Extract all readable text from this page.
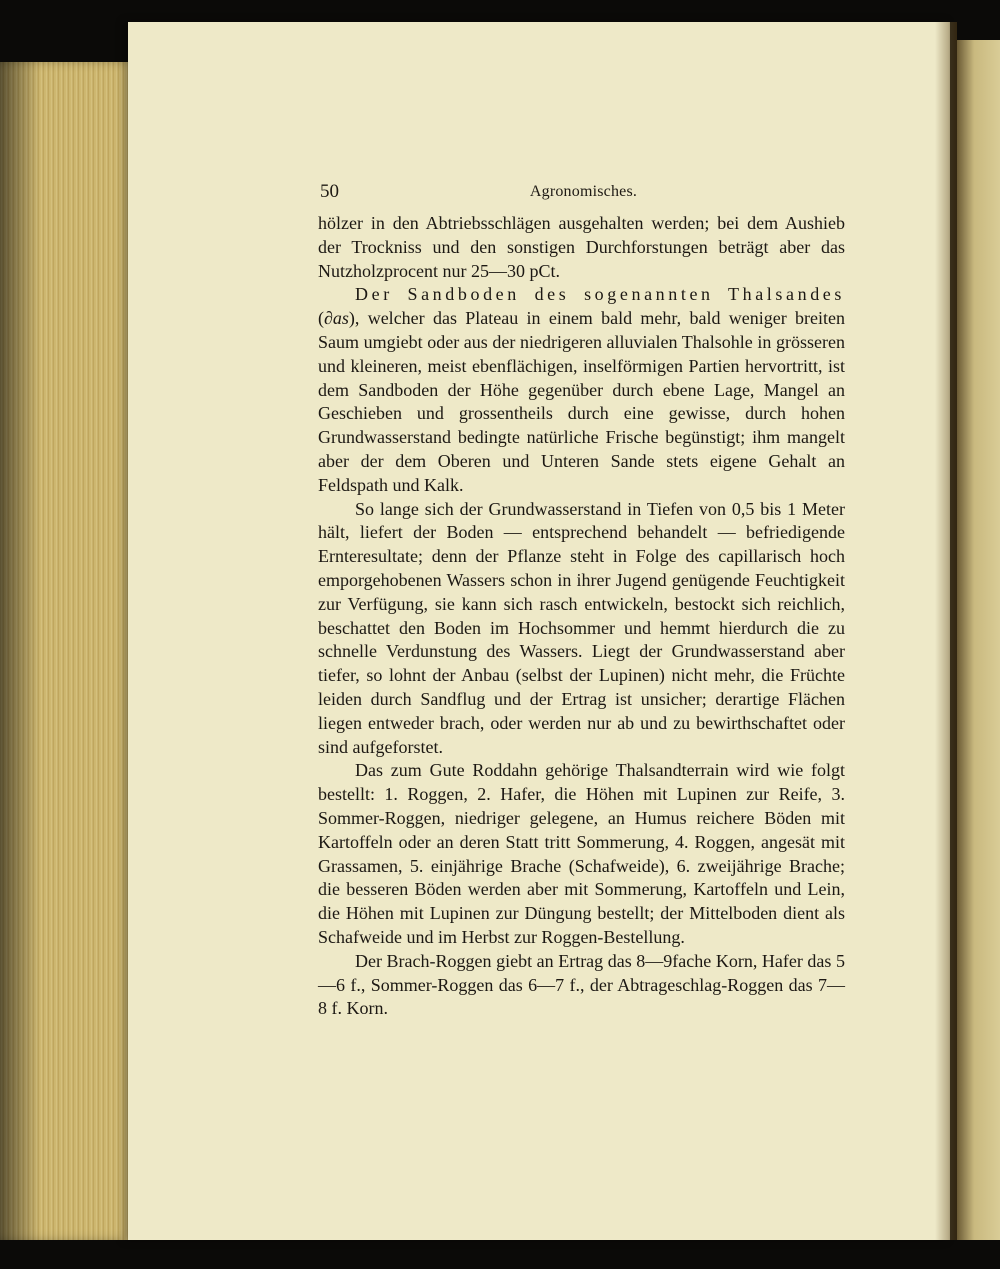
50	Agronomisches.

hölzer in den Abtriebsschlägen ausgehalten werden; bei dem Aushieb der Trockniss und den sonstigen Durchforstungen beträgt aber das Nutzholzprocent nur 25—30 pCt.

Der Sandboden des sogenannten Thalsandes (∂as), welcher das Plateau in einem bald mehr, bald weniger breiten Saum umgiebt oder aus der niedrigeren alluvialen Thalsohle in grösseren und kleineren, meist ebenflächigen, inselförmigen Partien hervortritt, ist dem Sandboden der Höhe gegenüber durch ebene Lage, Mangel an Geschieben und grossentheils durch eine gewisse, durch hohen Grundwasserstand bedingte natürliche Frische begünstigt; ihm mangelt aber der dem Oberen und Unteren Sande stets eigene Gehalt an Feldspath und Kalk.

So lange sich der Grundwasserstand in Tiefen von 0,5 bis 1 Meter hält, liefert der Boden — entsprechend behandelt — befriedigende Ernteresultate; denn der Pflanze steht in Folge des capillarisch hoch emporgehobenen Wassers schon in ihrer Jugend genügende Feuchtigkeit zur Verfügung, sie kann sich rasch entwickeln, bestockt sich reichlich, beschattet den Boden im Hochsommer und hemmt hierdurch die zu schnelle Verdunstung des Wassers. Liegt der Grundwasserstand aber tiefer, so lohnt der Anbau (selbst der Lupinen) nicht mehr, die Früchte leiden durch Sandflug und der Ertrag ist unsicher; derartige Flächen liegen entweder brach, oder werden nur ab und zu bewirthschaftet oder sind aufgeforstet.

Das zum Gute Roddahn gehörige Thalsandterrain wird wie folgt bestellt: 1. Roggen, 2. Hafer, die Höhen mit Lupinen zur Reife, 3. Sommer-Roggen, niedriger gelegene, an Humus reichere Böden mit Kartoffeln oder an deren Statt tritt Sommerung, 4. Roggen, angesät mit Grassamen, 5. einjährige Brache (Schafweide), 6. zweijährige Brache; die besseren Böden werden aber mit Sommerung, Kartoffeln und Lein, die Höhen mit Lupinen zur Düngung bestellt; der Mittelboden dient als Schafweide und im Herbst zur Roggen-Bestellung.

Der Brach-Roggen giebt an Ertrag das 8—9fache Korn, Hafer das 5—6 f., Sommer-Roggen das 6—7 f., der Abtrageschlag-Roggen das 7—8 f. Korn.
